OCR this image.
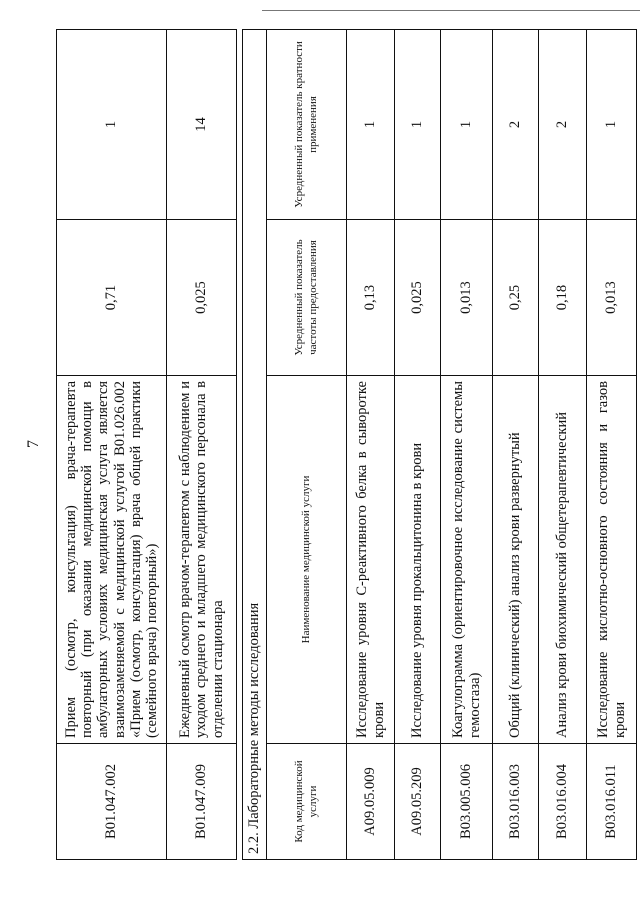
7
B01.047.002	Прием (осмотр, консультация) врача-терапевта повторный (при оказании медицинской помощи в амбулаторных условиях медицинская услуга является взаимозаменяемой с медицинской услугой B01.026.002 «Прием (осмотр, консультация) врача общей практики (семейного врача) повторный»)	0,71	1
B01.047.009	Ежедневный осмотр врачом-терапевтом с наблюдением и уходом среднего и младшего медицинского персонала в отделении стационара	0,025	14
2.2. Лабораторные методы исследования			
Код медицинской услуги	Наименование медицинской услуги	Усредненный показатель частоты предоставления	Усредненный показатель кратности применения
A09.05.009	Исследование уровня С-реактивного белка в сыворотке крови	0,13	1
A09.05.209	Исследование уровня прокальцитонина в крови	0,025	1
B03.005.006	Коагулограмма (ориентировочное исследование системы гемостаза)	0,013	1
B03.016.003	Общий (клинический) анализ крови развернутый	0,25	2
B03.016.004	Анализ крови биохимический общетерапевтический	0,18	2
B03.016.011	Исследование кислотно-основного состояния и газов крови	0,013	1
